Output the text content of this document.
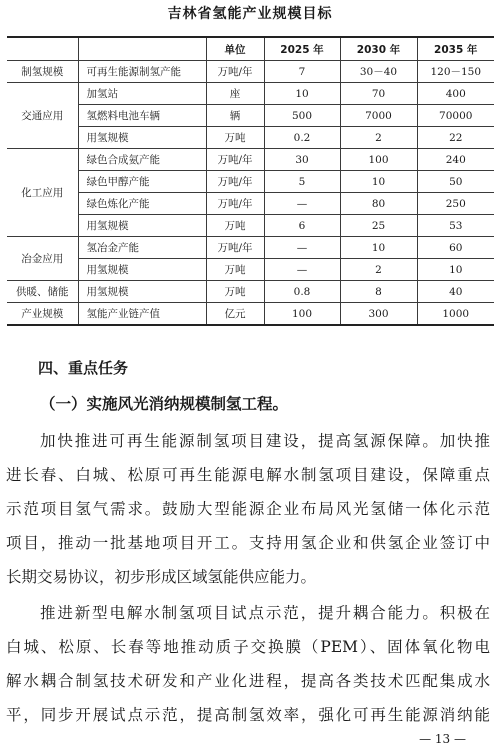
吉林省氢能产业规模目标
		单位	2025 年	2030 年	2035 年
制氢规模	可再生能源制氢产能	万吨/年	7	30－40	120－150
交通应用	加氢站	座	10	70	400
	氢燃料电池车辆	辆	500	7000	70000
	用氢规模	万吨	0.2	2	22
化工应用	绿色合成氨产能	万吨/年	30	100	240
	绿色甲醇产能	万吨/年	5	10	50
	绿色炼化产能	万吨/年	—	80	250
	用氢规模	万吨	6	25	53
冶金应用	氢冶金产能	万吨/年	—	10	60
	用氢规模	万吨	—	2	10
供暖、储能	用氢规模	万吨	0.8	8	40
产业规模	氢能产业链产值	亿元	100	300	1000
四、重点任务
（一）实施风光消纳规模制氢工程。
加快推进可再生能源制氢项目建设，提高氢源保障。加快推
进长春、白城、松原可再生能源电解水制氢项目建设，保障重点
示范项目氢气需求。鼓励大型能源企业布局风光氢储一体化示范
项目，推动一批基地项目开工。支持用氢企业和供氢企业签订中
长期交易协议，初步形成区域氢能供应能力。
推进新型电解水制氢项目试点示范，提升耦合能力。积极在
白城、松原、长春等地推动质子交换膜（PEM）、固体氧化物电
解水耦合制氢技术研发和产业化进程，提高各类技术匹配集成水
平，同步开展试点示范，提高制氢效率，强化可再生能源消纳能
— 13 —
